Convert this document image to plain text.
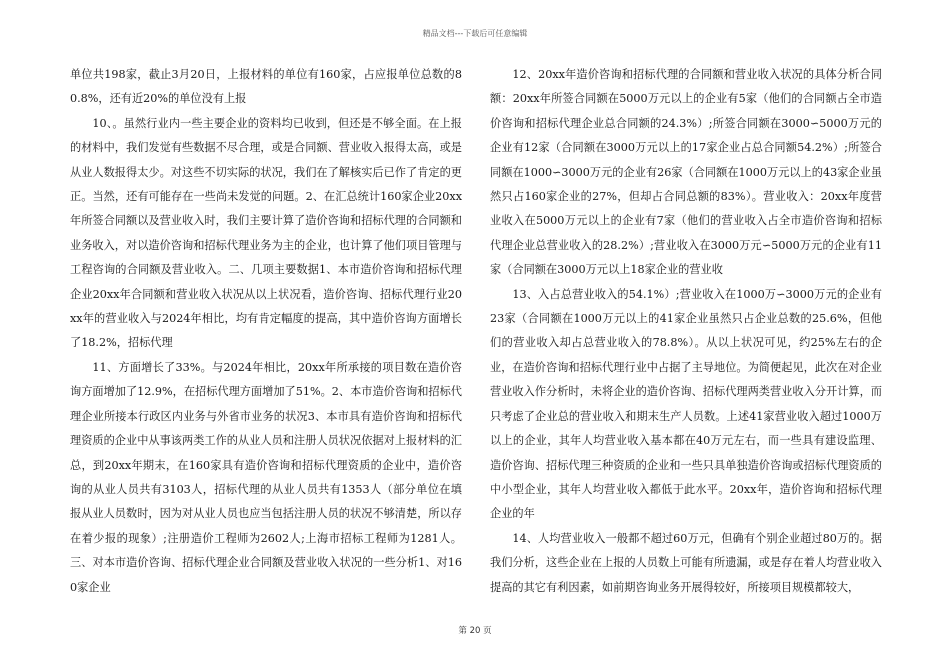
精品文档---下载后可任意编辑

单位共198家，截止3月20日，上报材料的单位有160家，占应报单位总数的80.8%，还有近20%的单位没有上报

10、。虽然行业内一些主要企业的资料均已收到，但还是不够全面。在上报的材料中，我们发觉有些数据不尽合理，或是合同额、营业收入报得太高，或是从业人数报得太少。对这些不切实际的状况，我们在了解核实后已作了肯定的更正。当然，还有可能存在一些尚未发觉的问题。2、在汇总统计160家企业20xx年所签合同额以及营业收入时，我们主要计算了造价咨询和招标代理的合同额和业务收入，对以造价咨询和招标代理业务为主的企业，也计算了他们项目管理与工程咨询的合同额及营业收入。二、几项主要数据1、本市造价咨询和招标代理企业20xx年合同额和营业收入状况从以上状况看，造价咨询、招标代理行业20xx年的营业收入与2024年相比，均有肯定幅度的提高，其中造价咨询方面增长了18.2%，招标代理

11、方面增长了33%。与2024年相比，20xx年所承接的项目数在造价咨询方面增加了12.9%，在招标代理方面增加了51%。2、本市造价咨询和招标代理企业所接本行政区内业务与外省市业务的状况3、本市具有造价咨询和招标代理资质的企业中从事该两类工作的从业人员和注册人员状况依据对上报材料的汇总，到20xx年期末，在160家具有造价咨询和招标代理资质的企业中，造价咨询的从业人员共有3103人，招标代理的从业人员共有1353人（部分单位在填报从业人员数时，因为对从业人员也应当包括注册人员的状况不够清楚，所以存在着少报的现象）;注册造价工程师为2602人;上海市招标工程师为1281人。三、对本市造价咨询、招标代理企业合同额及营业收入状况的一些分析1、对160家企业

12、20xx年造价咨询和招标代理的合同额和营业收入状况的具体分析合同额：20xx年所签合同额在5000万元以上的企业有5家（他们的合同额占全市造价咨询和招标代理企业总合同额的24.3%）;所签合同额在3000∽5000万元的企业有12家（合同额在3000万元以上的17家企业占总合同额54.2%）;所签合同额在1000∽3000万元的企业有26家（合同额在1000万元以上的43家企业虽然只占160家企业的27%，但却占合同总额的83%）。营业收入：20xx年度营业收入在5000万元以上的企业有7家（他们的营业收入占全市造价咨询和招标代理企业总营业收入的28.2%）;营业收入在3000万元∽5000万元的企业有11家（合同额在3000万元以上18家企业的营业收

13、入占总营业收入的54.1%）;营业收入在1000万∽3000万元的企业有23家（合同额在1000万元以上的41家企业虽然只占企业总数的25.6%，但他们的营业收入却占总营业收入的78.8%）。从以上状况可见，约25%左右的企业，在造价咨询和招标代理行业中占据了主导地位。为简便起见，此次在对企业营业收入作分析时，未将企业的造价咨询、招标代理两类营业收入分开计算，而只考虑了企业总的营业收入和期末生产人员数。上述41家营业收入超过1000万以上的企业，其年人均营业收入基本都在40万元左右，而一些具有建设监理、造价咨询、招标代理三种资质的企业和一些只具单独造价咨询或招标代理资质的中小型企业，其年人均营业收入都低于此水平。20xx年，造价咨询和招标代理企业的年

14、人均营业收入一般都不超过60万元，但确有个别企业超过80万的。据我们分析，这些企业在上报的人员数上可能有所遗漏，或是存在着人均营业收入提高的其它有利因素，如前期咨询业务开展得较好，所接项目规模都较大，

第 20 页
